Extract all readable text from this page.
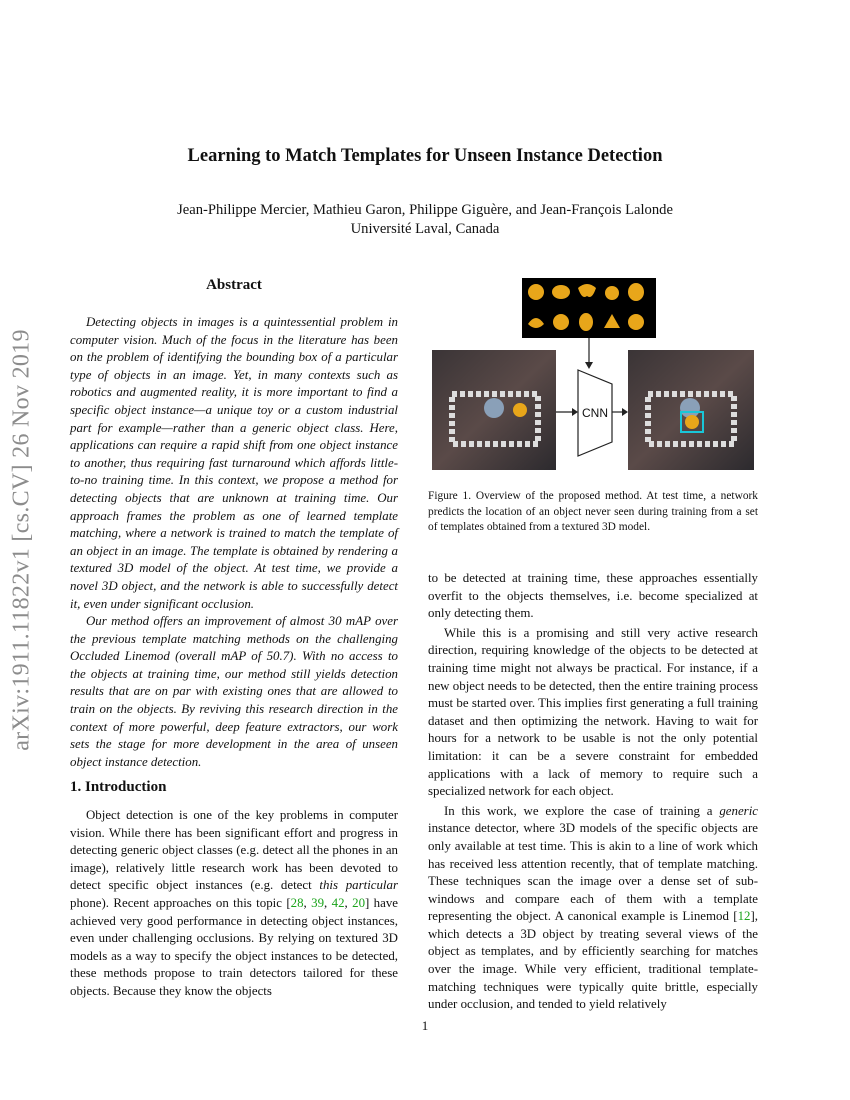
arXiv:1911.11822v1 [cs.CV] 26 Nov 2019
Learning to Match Templates for Unseen Instance Detection
Jean-Philippe Mercier, Mathieu Garon, Philippe Giguère, and Jean-François Lalonde
Université Laval, Canada
Abstract

Detecting objects in images is a quintessential problem in computer vision. Much of the focus in the literature has been on the problem of identifying the bounding box of a particular type of objects in an image. Yet, in many contexts such as robotics and augmented reality, it is more important to find a specific object instance—a unique toy or a custom industrial part for example—rather than a generic object class. Here, applications can require a rapid shift from one object instance to another, thus requiring fast turnaround which affords little-to-no training time. In this context, we propose a method for detecting objects that are unknown at training time. Our approach frames the problem as one of learned template matching, where a network is trained to match the template of an object in an image. The template is obtained by rendering a textured 3D model of the object. At test time, we provide a novel 3D object, and the network is able to successfully detect it, even under significant occlusion.

Our method offers an improvement of almost 30 mAP over the previous template matching methods on the challenging Occluded Linemod (overall mAP of 50.7). With no access to the objects at training time, our method still yields detection results that are on par with existing ones that are allowed to train on the objects. By reviving this research direction in the context of more powerful, deep feature extractors, our work sets the stage for more development in the area of unseen object instance detection.

1. Introduction

Object detection is one of the key problems in computer vision. While there has been significant effort and progress in detecting generic object classes (e.g. detect all the phones in an image), relatively little research work has been devoted to detect specific object instances (e.g. detect this particular phone). Recent approaches on this topic [28, 39, 42, 20] have achieved very good performance in detecting object instances, even under challenging occlusions. By relying on textured 3D models as a way to specify the object instances to be detected, these methods propose to train detectors tailored for these objects. Because they know the objects

CNN
Figure 1. Overview of the proposed method. At test time, a network predicts the location of an object never seen during training from a set of templates obtained from a textured 3D model.

to be detected at training time, these approaches essentially overfit to the objects themselves, i.e. become specialized at only detecting them.

While this is a promising and still very active research direction, requiring knowledge of the objects to be detected at training time might not always be practical. For instance, if a new object needs to be detected, then the entire training process must be started over. This implies first generating a full training dataset and then optimizing the network. Having to wait for hours for a network to be usable is not the only potential limitation: it can be a severe constraint for embedded applications with a lack of memory to require such a specialized network for each object.

In this work, we explore the case of training a generic instance detector, where 3D models of the specific objects are only available at test time. This is akin to a line of work which has received less attention recently, that of template matching. These techniques scan the image over a dense set of sub-windows and compare each of them with a template representing the object. A canonical example is Linemod [12], which detects a 3D object by treating several views of the object as templates, and by efficiently searching for matches over the image. While very efficient, traditional template-matching techniques were typically quite brittle, especially under occlusion, and tended to yield relatively

1
